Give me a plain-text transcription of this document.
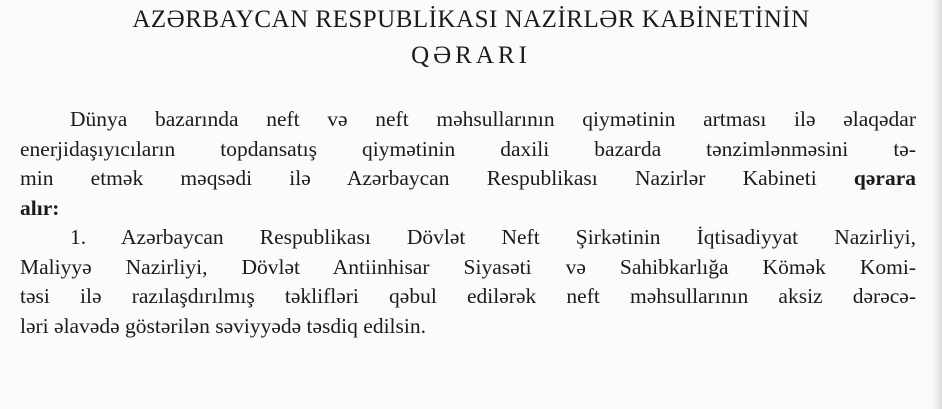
AZƏRBAYCAN RESPUBLİKASI NAZİRLƏR KABİNETİNİN
QƏRARI
Dünya bazarında neft və neft məhsullarının qiymətinin artması ilə əlaqədar
enerjidaşıyıcıların topdansatış qiymətinin daxili bazarda tənzimlənməsini tə-
min etmək məqsədi ilə Azərbaycan Respublikası Nazirlər Kabineti qərara
alır:
1. Azərbaycan Respublikası Dövlət Neft Şirkətinin İqtisadiyyat Nazirliyi,
Maliyyə Nazirliyi, Dövlət Antiinhisar Siyasəti və Sahibkarlığa Kömək Komi-
təsi ilə razılaşdırılmış təklifləri qəbul edilərək neft məhsullarının aksiz dərəcə-
ləri əlavədə göstərilən səviyyədə təsdiq edilsin.
